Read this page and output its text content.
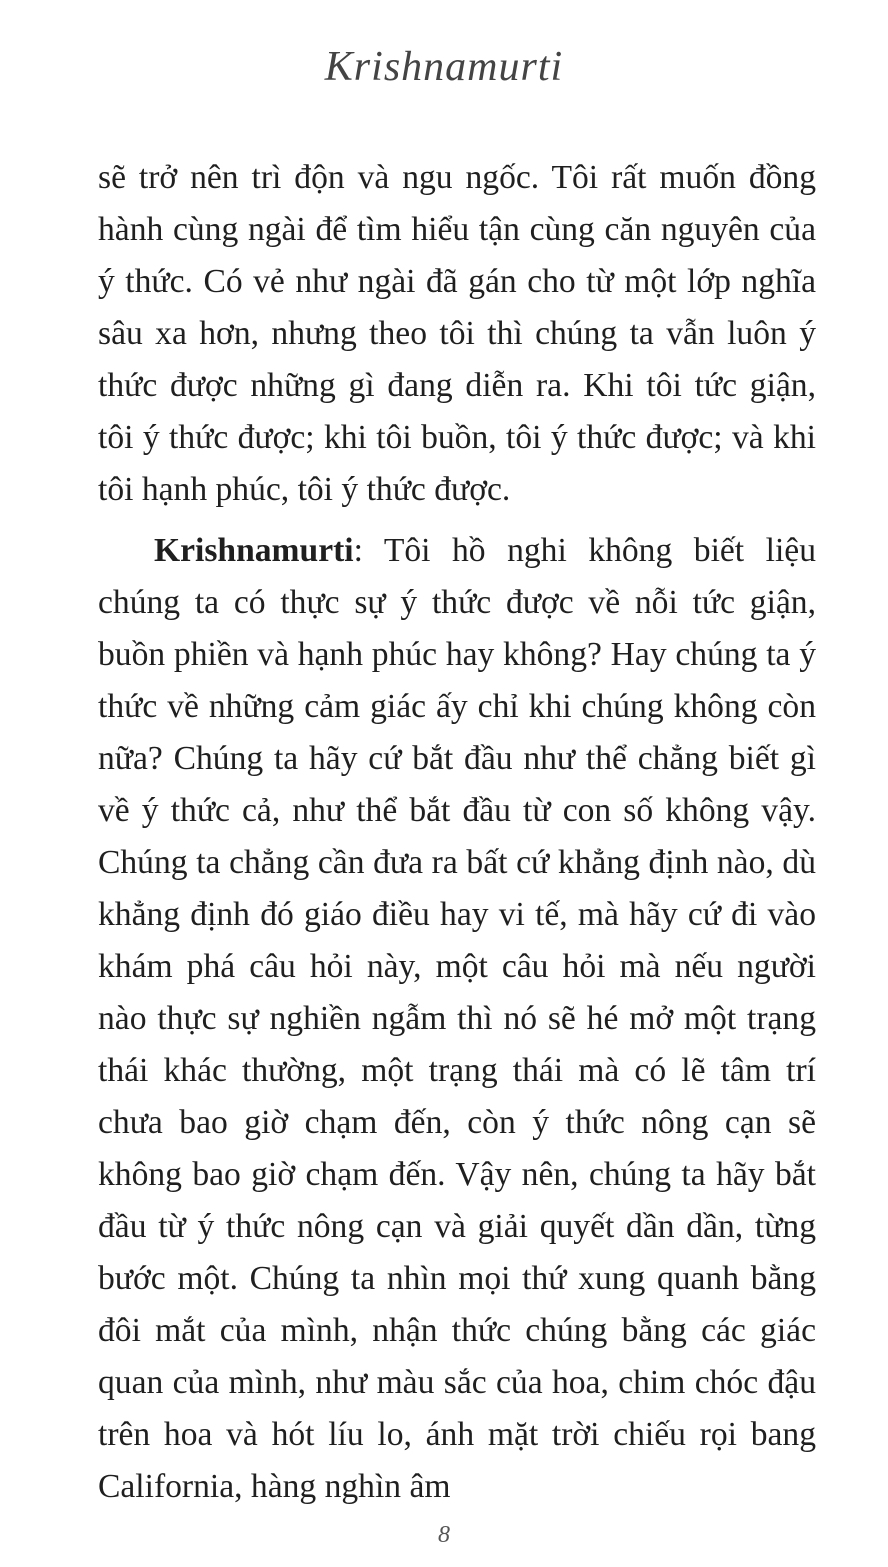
Krishnamurti

sẽ trở nên trì độn và ngu ngốc. Tôi rất muốn đồng hành cùng ngài để tìm hiểu tận cùng căn nguyên của ý thức. Có vẻ như ngài đã gán cho từ một lớp nghĩa sâu xa hơn, nhưng theo tôi thì chúng ta vẫn luôn ý thức được những gì đang diễn ra. Khi tôi tức giận, tôi ý thức được; khi tôi buồn, tôi ý thức được; và khi tôi hạnh phúc, tôi ý thức được.

Krishnamurti: Tôi hồ nghi không biết liệu chúng ta có thực sự ý thức được về nỗi tức giận, buồn phiền và hạnh phúc hay không? Hay chúng ta ý thức về những cảm giác ấy chỉ khi chúng không còn nữa? Chúng ta hãy cứ bắt đầu như thể chẳng biết gì về ý thức cả, như thể bắt đầu từ con số không vậy. Chúng ta chẳng cần đưa ra bất cứ khẳng định nào, dù khẳng định đó giáo điều hay vi tế, mà hãy cứ đi vào khám phá câu hỏi này, một câu hỏi mà nếu người nào thực sự nghiền ngẫm thì nó sẽ hé mở một trạng thái khác thường, một trạng thái mà có lẽ tâm trí chưa bao giờ chạm đến, còn ý thức nông cạn sẽ không bao giờ chạm đến. Vậy nên, chúng ta hãy bắt đầu từ ý thức nông cạn và giải quyết dần dần, từng bước một. Chúng ta nhìn mọi thứ xung quanh bằng đôi mắt của mình, nhận thức chúng bằng các giác quan của mình, như màu sắc của hoa, chim chóc đậu trên hoa và hót líu lo, ánh mặt trời chiếu rọi bang California, hàng nghìn âm

8
